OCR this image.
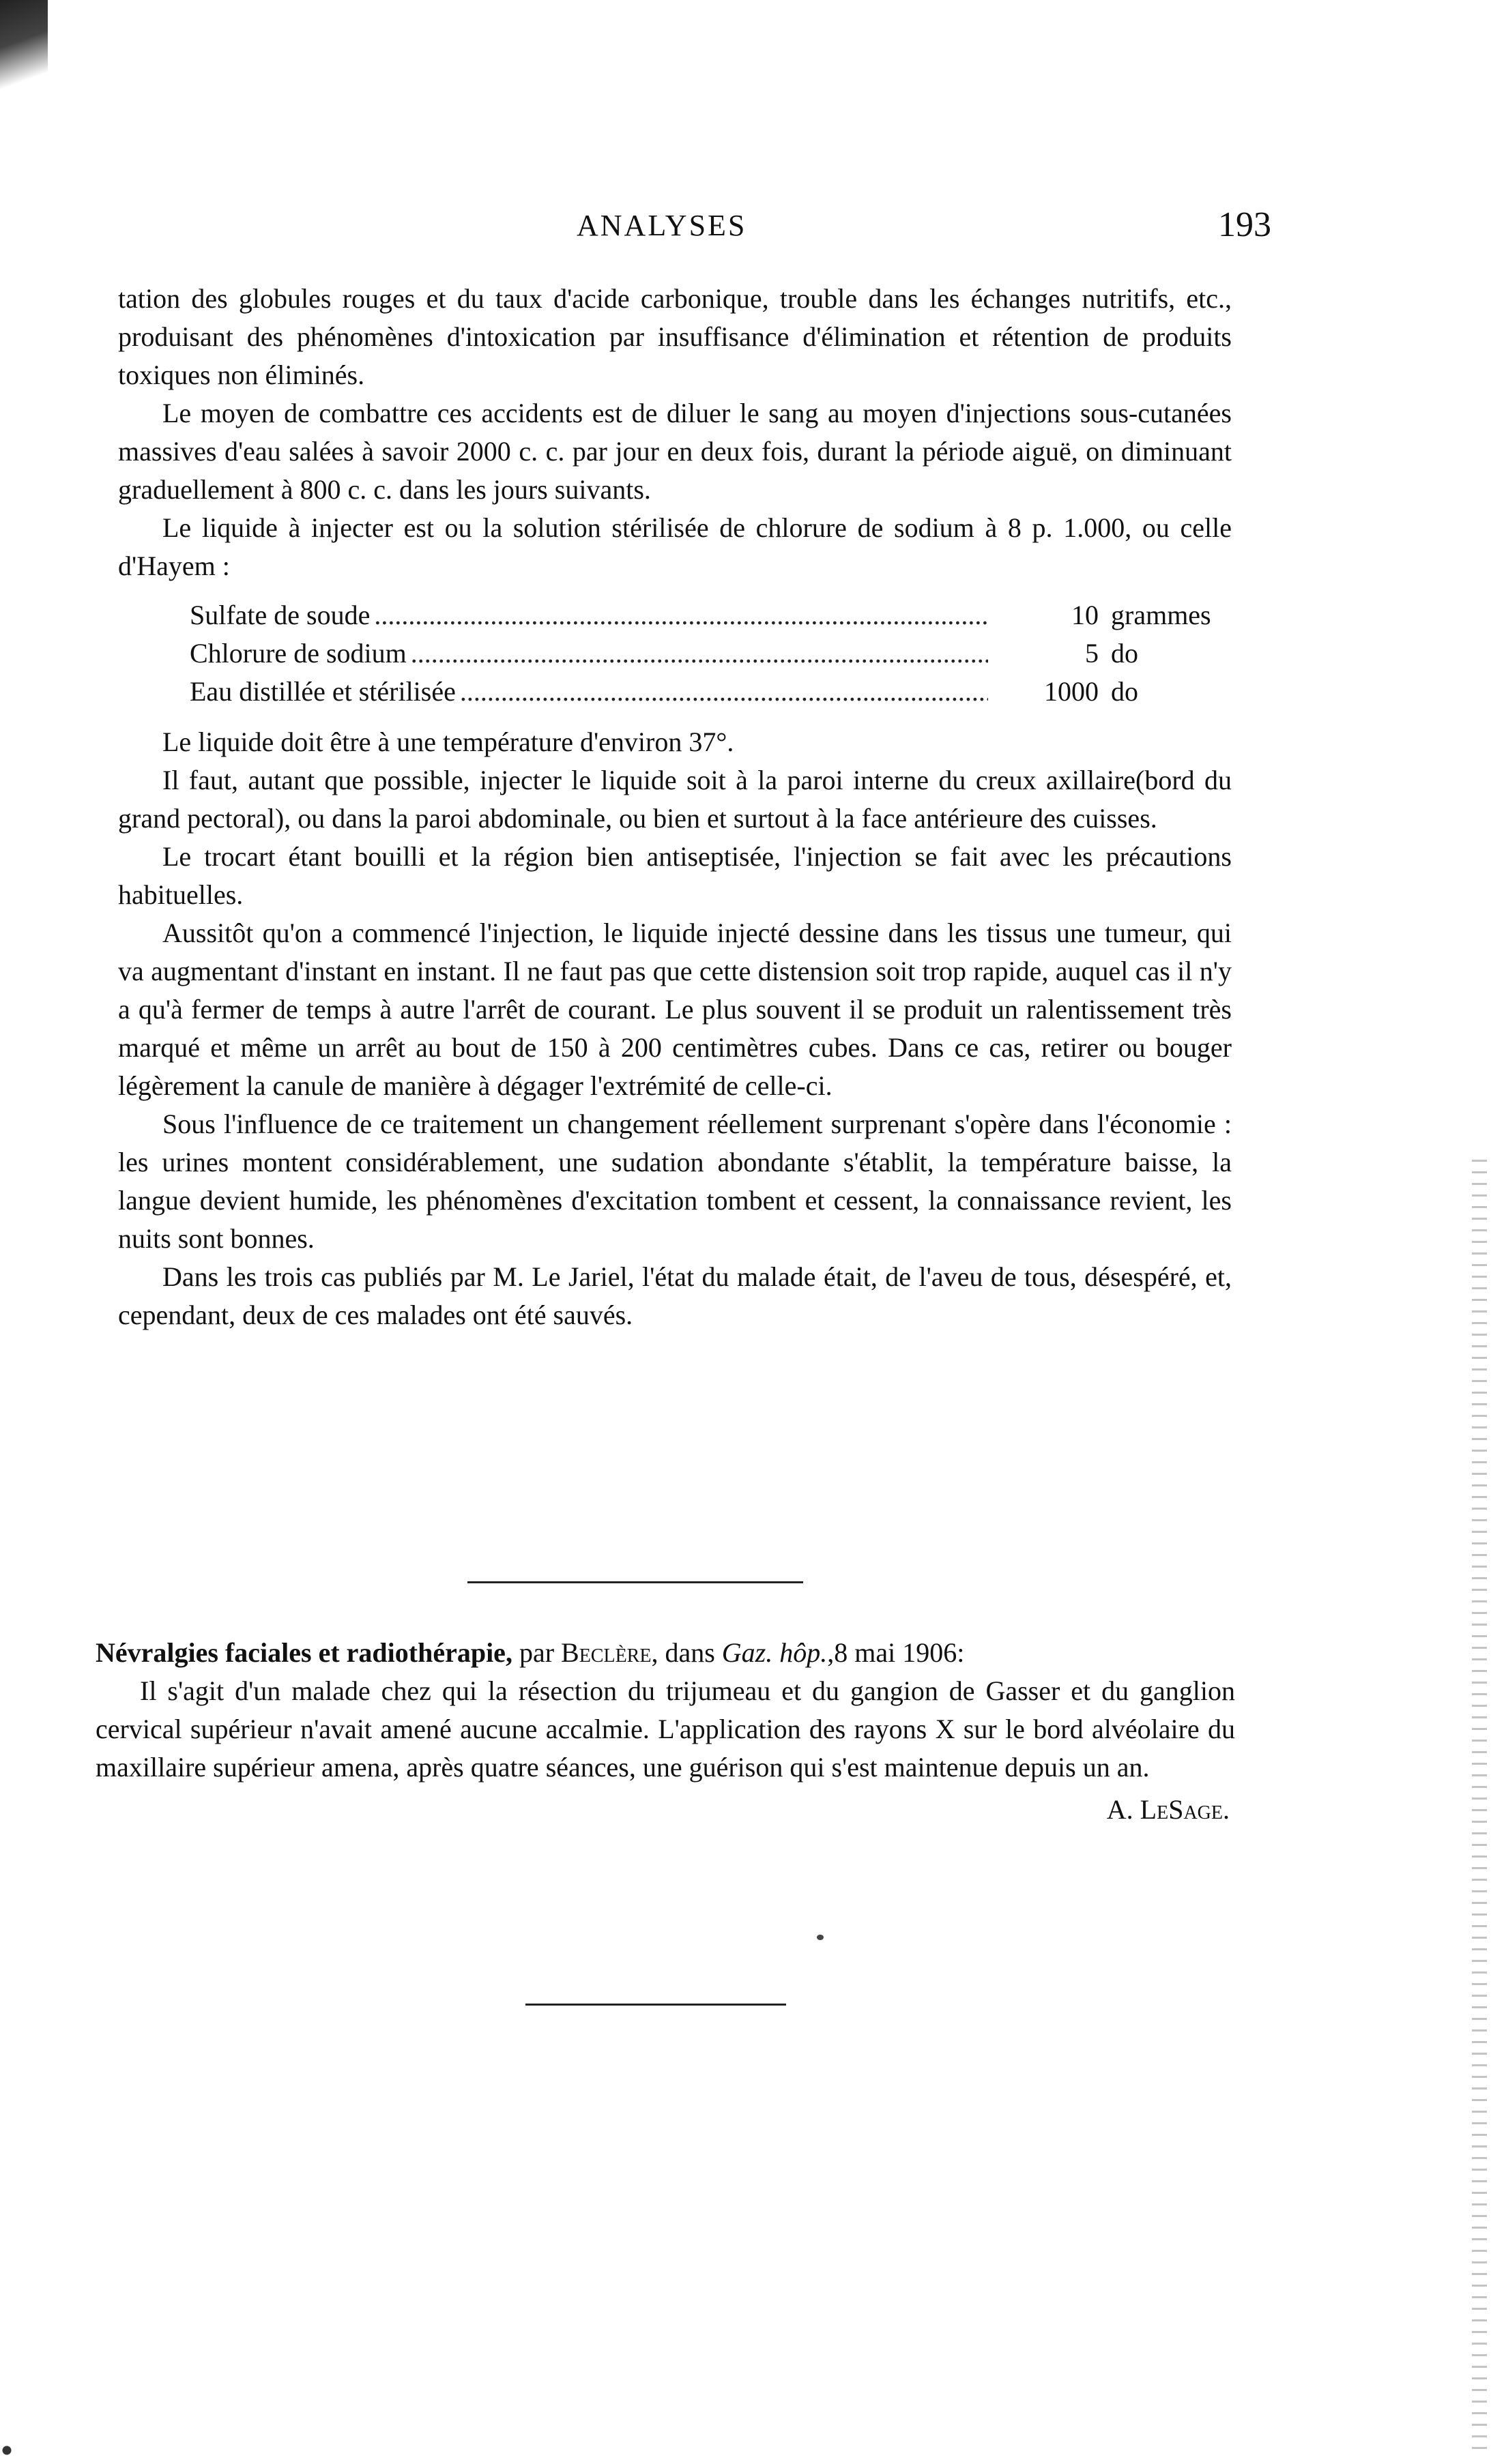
ANALYSES	193

tation des globules rouges et du taux d'acide carbonique, trouble dans les échanges nutritifs, etc., produisant des phénomènes d'intoxication par insuffisance d'élimination et rétention de produits toxiques non éliminés.

Le moyen de combattre ces accidents est de diluer le sang au moyen d'injections sous-cutanées massives d'eau salées à savoir 2000 c. c. par jour en deux fois, durant la période aiguë, on diminuant graduellement à 800 c. c. dans les jours suivants.

Le liquide à injecter est ou la solution stérilisée de chlorure de sodium à 8 p. 1.000, ou celle d'Hayem :

Sulfate de soude .....	10 grammes
Chlorure de sodium .....	5 do
Eau distillée et stérilisée .....	1000 do

Le liquide doit être à une température d'environ 37°.

Il faut, autant que possible, injecter le liquide soit à la paroi interne du creux axillaire(bord du grand pectoral), ou dans la paroi abdominale, ou bien et surtout à la face antérieure des cuisses.

Le trocart étant bouilli et la région bien antiseptisée, l'injection se fait avec les précautions habituelles.

Aussitôt qu'on a commencé l'injection, le liquide injecté dessine dans les tissus une tumeur, qui va augmentant d'instant en instant. Il ne faut pas que cette distension soit trop rapide, auquel cas il n'y a qu'à fermer de temps à autre l'arrêt de courant. Le plus souvent il se produit un ralentissement très marqué et même un arrêt au bout de 150 à 200 centimètres cubes. Dans ce cas, retirer ou bouger légèrement la canule de manière à dégager l'extrémité de celle-ci.

Sous l'influence de ce traitement un changement réellement surprenant s'opère dans l'économie : les urines montent considérablement, une sudation abondante s'établit, la température baisse, la langue devient humide, les phénomènes d'excitation tombent et cessent, la connaissance revient, les nuits sont bonnes.

Dans les trois cas publiés par M. Le Jariel, l'état du malade était, de l'aveu de tous, désespéré, et, cependant, deux de ces malades ont été sauvés.

Névralgies faciales et radiothérapie, par Beclère, dans Gaz. hôp.,8 mai 1906:

Il s'agit d'un malade chez qui la résection du trijumeau et du gangion de Gasser et du ganglion cervical supérieur n'avait amené aucune accalmie. L'application des rayons X sur le bord alvéolaire du maxillaire supérieur amena, après quatre séances, une guérison qui s'est maintenue depuis un an.

A. LeSage.
